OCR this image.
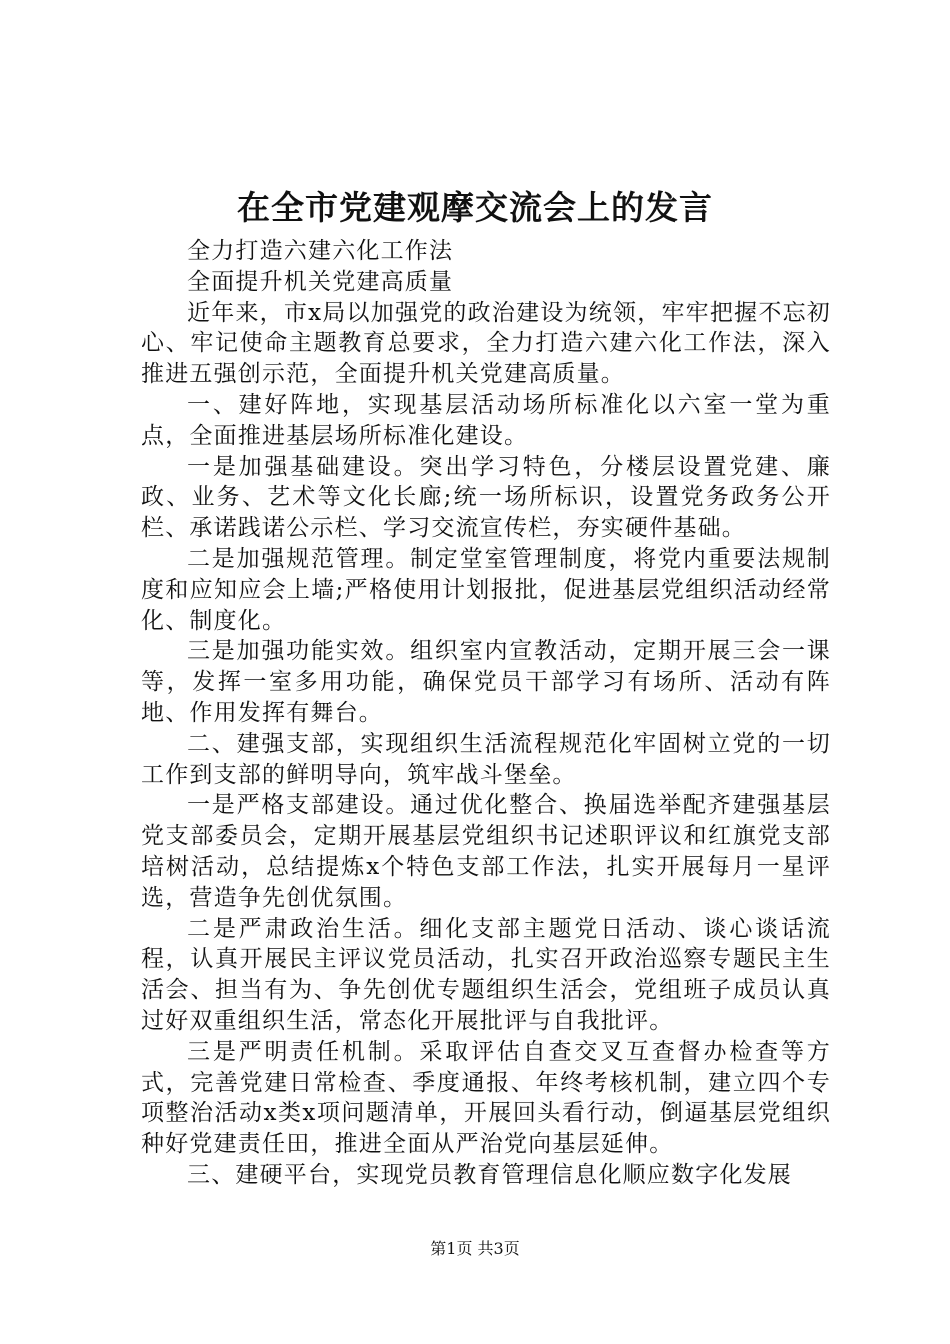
在全市党建观摩交流会上的发言

全力打造六建六化工作法

全面提升机关党建高质量

近年来，市x局以加强党的政治建设为统领，牢牢把握不忘初心、牢记使命主题教育总要求，全力打造六建六化工作法，深入推进五强创示范，全面提升机关党建高质量。

一、建好阵地，实现基层活动场所标准化以六室一堂为重点，全面推进基层场所标准化建设。

一是加强基础建设。突出学习特色，分楼层设置党建、廉政、业务、艺术等文化长廊;统一场所标识，设置党务政务公开栏、承诺践诺公示栏、学习交流宣传栏，夯实硬件基础。

二是加强规范管理。制定堂室管理制度，将党内重要法规制度和应知应会上墙;严格使用计划报批，促进基层党组织活动经常化、制度化。

三是加强功能实效。组织室内宣教活动，定期开展三会一课等，发挥一室多用功能，确保党员干部学习有场所、活动有阵地、作用发挥有舞台。

二、建强支部，实现组织生活流程规范化牢固树立党的一切工作到支部的鲜明导向，筑牢战斗堡垒。

一是严格支部建设。通过优化整合、换届选举配齐建强基层党支部委员会，定期开展基层党组织书记述职评议和红旗党支部培树活动，总结提炼x个特色支部工作法，扎实开展每月一星评选，营造争先创优氛围。

二是严肃政治生活。细化支部主题党日活动、谈心谈话流程，认真开展民主评议党员活动，扎实召开政治巡察专题民主生活会、担当有为、争先创优专题组织生活会，党组班子成员认真过好双重组织生活，常态化开展批评与自我批评。

三是严明责任机制。采取评估自查交叉互查督办检查等方式，完善党建日常检查、季度通报、年终考核机制，建立四个专项整治活动x类x项问题清单，开展回头看行动，倒逼基层党组织种好党建责任田，推进全面从严治党向基层延伸。

三、建硬平台，实现党员教育管理信息化顺应数字化发展

第1页 共3页
